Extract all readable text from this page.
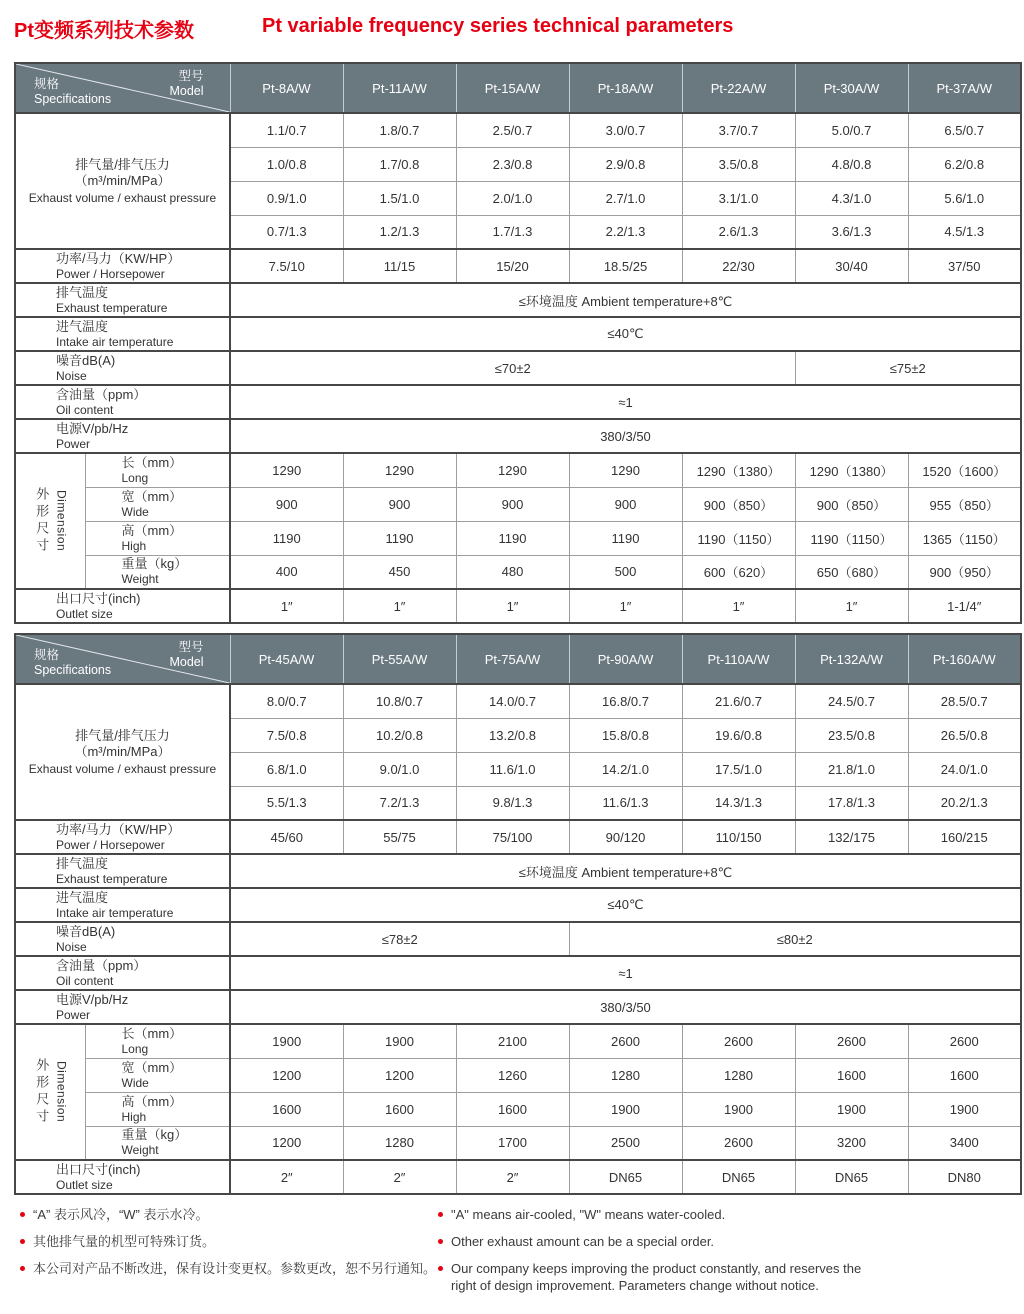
Pt变频系列技术参数	Pt variable frequency series technical parameters
型号
Model
规格
Specifications		Pt-8A/W	Pt-11A/W	Pt-15A/W	Pt-18A/W	Pt-22A/W	Pt-30A/W	Pt-37A/W

排气量/排气压力
（m³/min/MPa）
Exhaust volume / exhaust pressure		1.1/0.7	1.8/0.7	2.5/0.7	3.0/0.7	3.7/0.7	5.0/0.7	6.5/0.7
		1.0/0.8	1.7/0.8	2.3/0.8	2.9/0.8	3.5/0.8	4.8/0.8	6.2/0.8
		0.9/1.0	1.5/1.0	2.0/1.0	2.7/1.0	3.1/1.0	4.3/1.0	5.6/1.0
		0.7/1.3	1.2/1.3	1.7/1.3	2.2/1.3	2.6/1.3	3.6/1.3	4.5/1.3

功率/马力（KW/HP）
Power / Horsepower		7.5/10	11/15	15/20	18.5/25	22/30	30/40	37/50

排气温度
Exhaust temperature		≤环境温度 Ambient temperature+8℃						

进气温度
Intake air temperature		≤40℃						

噪音dB(A)
Noise		≤70±2					≤75±2	

含油量（ppm）
Oil content		≈1						

电源V/pb/Hz
Power		380/3/50						

外形尺寸 Dimension

长（mm）
Long	1290	1290	1290	1290	1290（1380）	1290（1380）	1520（1600）

	宽（mm）
Wide	900	900	900	900	900（850）	900（850）	955（850）

	高（mm）
High	1190	1190	1190	1190	1190（1150）	1190（1150）	1365（1150）

	重量（kg）
Weight	400	450	480	500	600（620）	650（680）	900（950）

出口尺寸(inch)
Outlet size		1″	1″	1″	1″	1″	1″	1-1/4″
型号
Model
规格
Specifications		Pt-45A/W	Pt-55A/W	Pt-75A/W	Pt-90A/W	Pt-110A/W	Pt-132A/W	Pt-160A/W

排气量/排气压力
（m³/min/MPa）
Exhaust volume / exhaust pressure		8.0/0.7	10.8/0.7	14.0/0.7	16.8/0.7	21.6/0.7	24.5/0.7	28.5/0.7
		7.5/0.8	10.2/0.8	13.2/0.8	15.8/0.8	19.6/0.8	23.5/0.8	26.5/0.8
		6.8/1.0	9.0/1.0	11.6/1.0	14.2/1.0	17.5/1.0	21.8/1.0	24.0/1.0
		5.5/1.3	7.2/1.3	9.8/1.3	11.6/1.3	14.3/1.3	17.8/1.3	20.2/1.3

功率/马力（KW/HP）
Power / Horsepower		45/60	55/75	75/100	90/120	110/150	132/175	160/215

排气温度
Exhaust temperature		≤环境温度 Ambient temperature+8℃						

进气温度
Intake air temperature		≤40℃						

噪音dB(A)
Noise		≤78±2			≤80±2			

含油量（ppm）
Oil content		≈1						

电源V/pb/Hz
Power		380/3/50						

外形尺寸 Dimension

长（mm）
Long	1900	1900	2100	2600	2600	2600	2600

	宽（mm）
Wide	1200	1200	1260	1280	1280	1600	1600

	高（mm）
High	1600	1600	1600	1900	1900	1900	1900

	重量（kg）
Weight	1200	1280	1700	2500	2600	3200	3400

出口尺寸(inch)
Outlet size		2″	2″	2″	DN65	DN65	DN65	DN80
“A” 表示风冷，“W” 表示水冷。
其他排气量的机型可特殊订货。
本公司对产品不断改进，保有设计变更权。参数更改，恕不另行通知。
"A" means air-cooled, "W" means water-cooled.
Other exhaust amount can be a special order.
Our company keeps improving the product constantly, and reserves the right of design improvement. Parameters change without notice.
